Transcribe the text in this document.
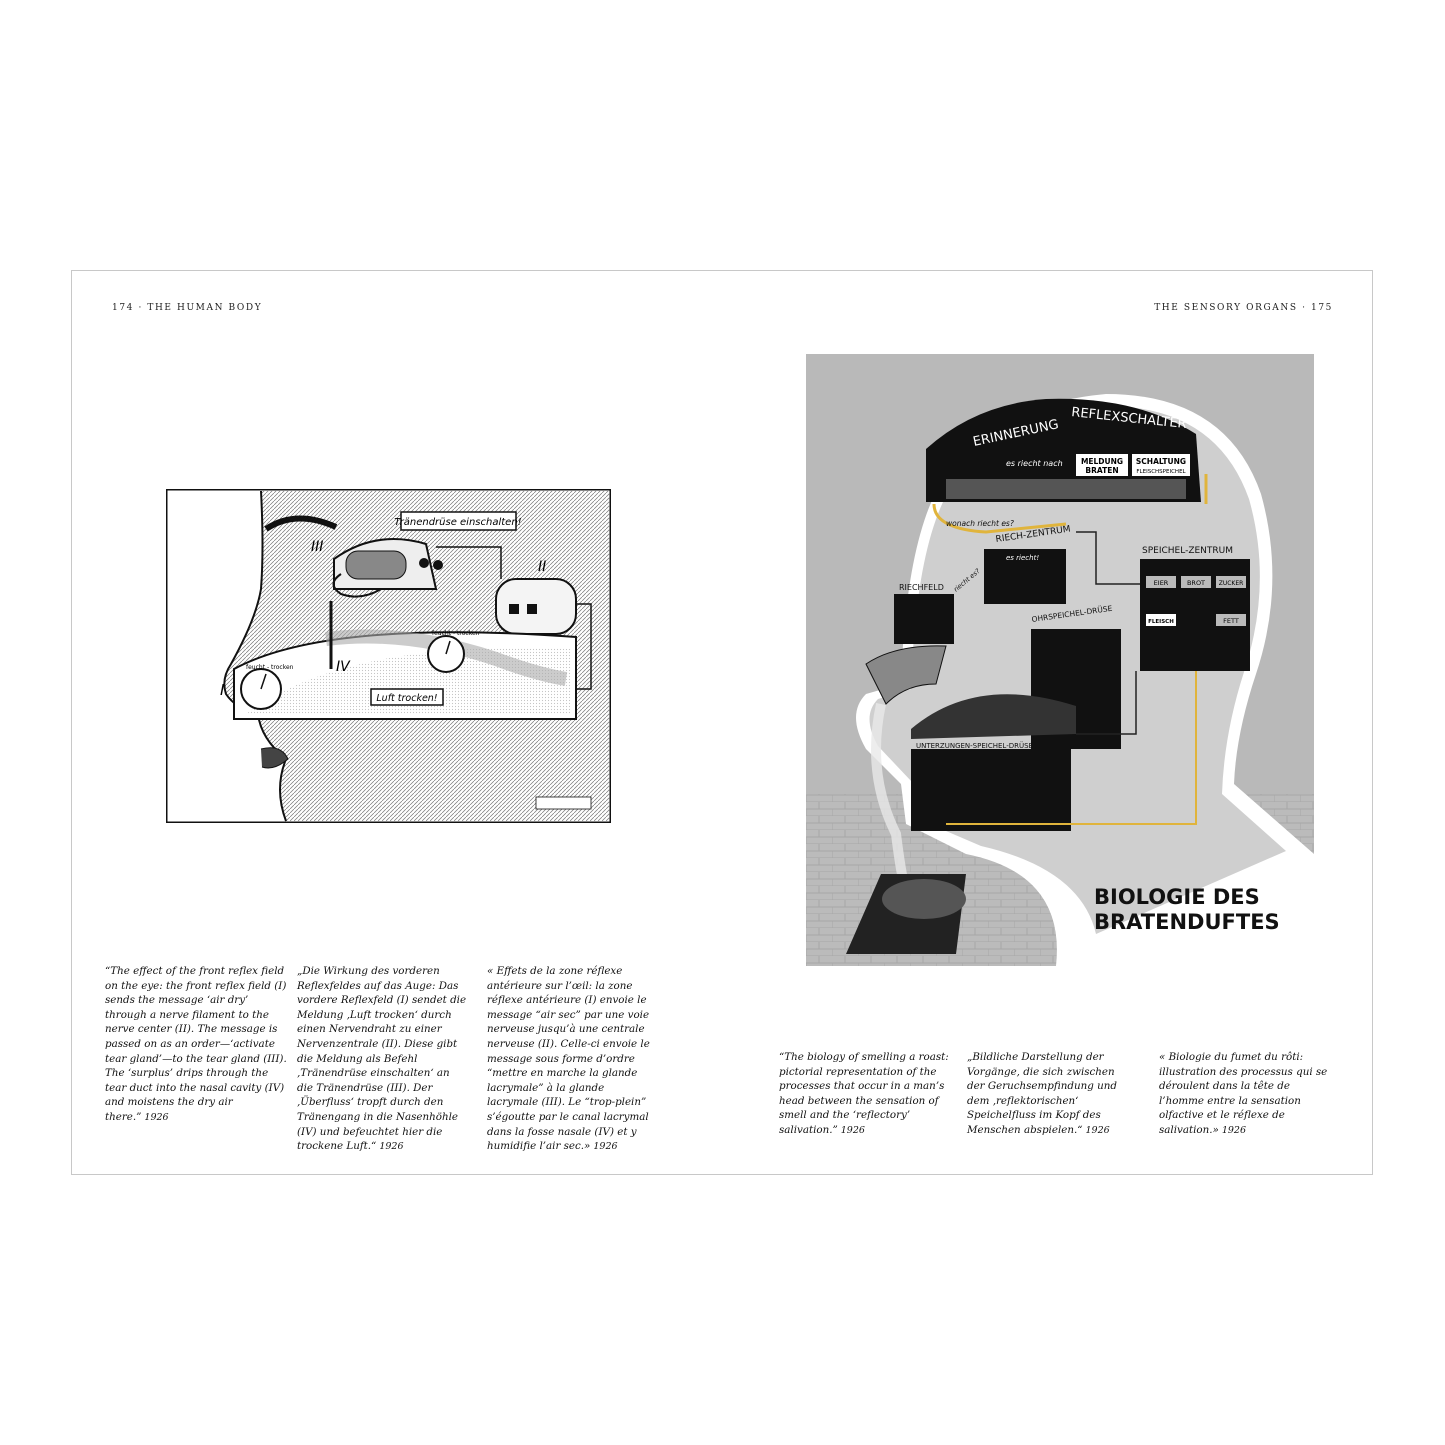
174 · THE HUMAN BODY	THE SENSORY ORGANS · 175
Tränendrüse einschalten!
II
III
feucht - trocken
feucht - trocken
I
IV
Luft trocken!
ERINNERUNG REFLEXSCHALTER
es riecht nach MELDUNG
BRATEN
SCHALTUNG
FLEISCHSPEICHEL
wonach riecht es?
RIECH-ZENTRUM
es riecht!
RIECHFELD riecht es?
SPEICHEL-ZENTRUM
EIER	BROT ZUCKER
FLEISCH	FETT
OHRSPEICHEL-DRÜSE
UNTERZUNGEN-SPEICHEL-DRÜSE
BIOLOGIE DES
BRATENDUFTES
“The effect of the front reflex field on the eye: the front reflex field (I) sends the message ‘air dry’ through a nerve filament to the nerve center (II). The message is passed on as an order—‘activate tear gland’—to the tear gland (III). The ‘surplus’ drips through the tear duct into the nasal cavity (IV) and moistens the dry air there.” 1926
„Die Wirkung des vorderen Reflexfeldes auf das Auge: Das vordere Reflexfeld (I) sendet die Meldung ‚Luft trocken‘ durch einen Nervendraht zu einer Nervenzentrale (II). Diese gibt die Meldung als Befehl ‚Tränendrüse einschalten‘ an die Tränendrüse (III). Der ‚Überfluss‘ tropft durch den Tränengang in die Nasenhöhle (IV) und befeuchtet hier die trockene Luft.“ 1926
« Effets de la zone réflexe antérieure sur l’œil: la zone réflexe antérieure (I) envoie le message “air sec” par une voie nerveuse jusqu’à une centrale nerveuse (II). Celle-ci envoie le message sous forme d’ordre “mettre en marche la glande lacrymale” à la glande lacrymale (III). Le “trop-plein” s’égoutte par le canal lacrymal dans la fosse nasale (IV) et y humidifie l’air sec.» 1926
“The biology of smelling a roast: pictorial representation of the processes that occur in a man’s head between the sensation of smell and the ‘reflectory’ salivation.” 1926
„Bildliche Darstellung der Vorgänge, die sich zwischen der Geruchsempfindung und dem ‚reflektorischen‘ Speichelfluss im Kopf des Menschen abspielen.“ 1926
« Biologie du fumet du rôti: illustration des processus qui se déroulent dans la tête de l’homme entre la sensation olfactive et le réflexe de salivation.» 1926
